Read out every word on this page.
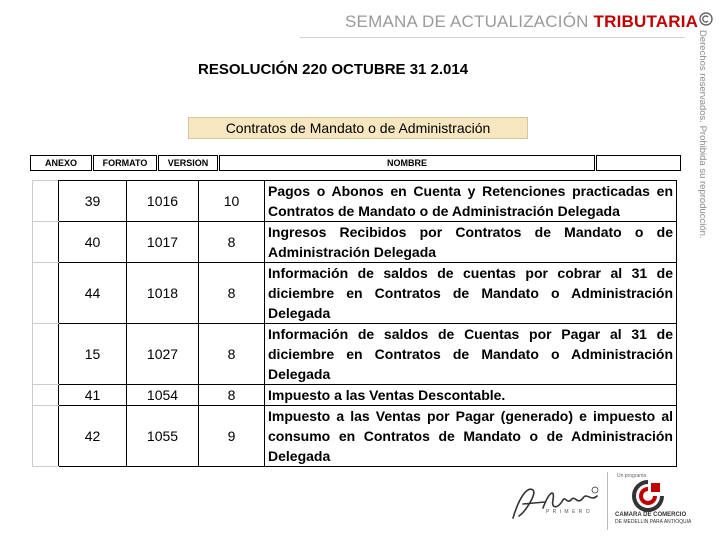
SEMANA DE ACTUALIZACIÓN TRIBUTARIA
Derechos reservados. Prohibida su reproducción.
RESOLUCIÓN 220 OCTUBRE 31 2.014
Contratos de Mandato o de Administración
ANEXO	FORMATO	VERSION	NOMBRE
	39	1016	10	Pagos o Abonos en Cuenta y Retenciones practicadas en Contratos de Mandato o de Administración Delegada
	40	1017	8	Ingresos Recibidos por Contratos de Mandato o de Administración Delegada
	44	1018	8	Información de saldos de cuentas por cobrar al 31 de diciembre en Contratos de Mandato o Administración Delegada
	15	1027	8	Información de saldos de Cuentas por Pagar al 31 de diciembre en Contratos de Mandato o Administración Delegada
	41	1054	8	Impuesto a las Ventas Descontable.
	42	1055	9	Impuesto a las Ventas por Pagar (generado) e impuesto al consumo en Contratos de Mandato o de Administración Delegada
P R I M E R O
Un programa
CAMARA DE COMERCIO
DE MEDELLIN PARA ANTIOQUIA
